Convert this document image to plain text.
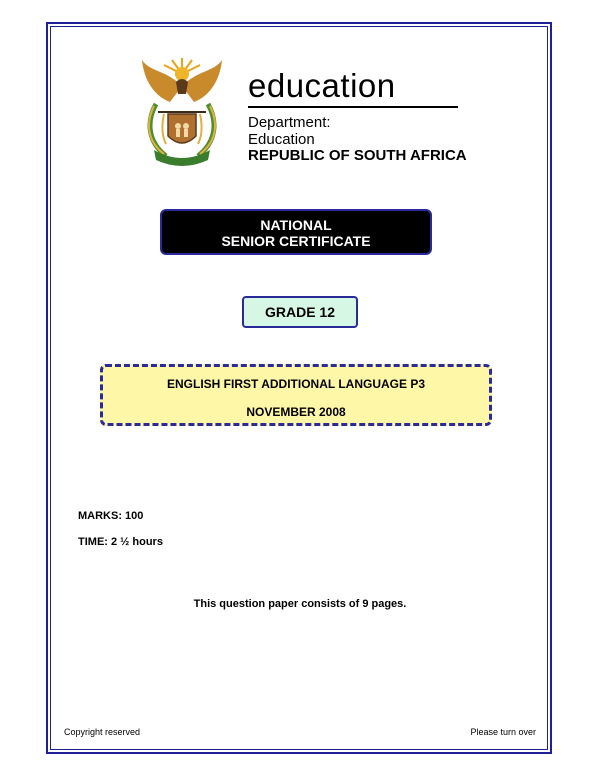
education
Department:
Education
REPUBLIC OF SOUTH AFRICA
NATIONAL
SENIOR CERTIFICATE
GRADE 12
ENGLISH FIRST ADDITIONAL LANGUAGE P3
NOVEMBER 2008
MARKS: 100
TIME: 2 ½ hours
This question paper consists of 9 pages.
Copyright reserved	Please turn over
